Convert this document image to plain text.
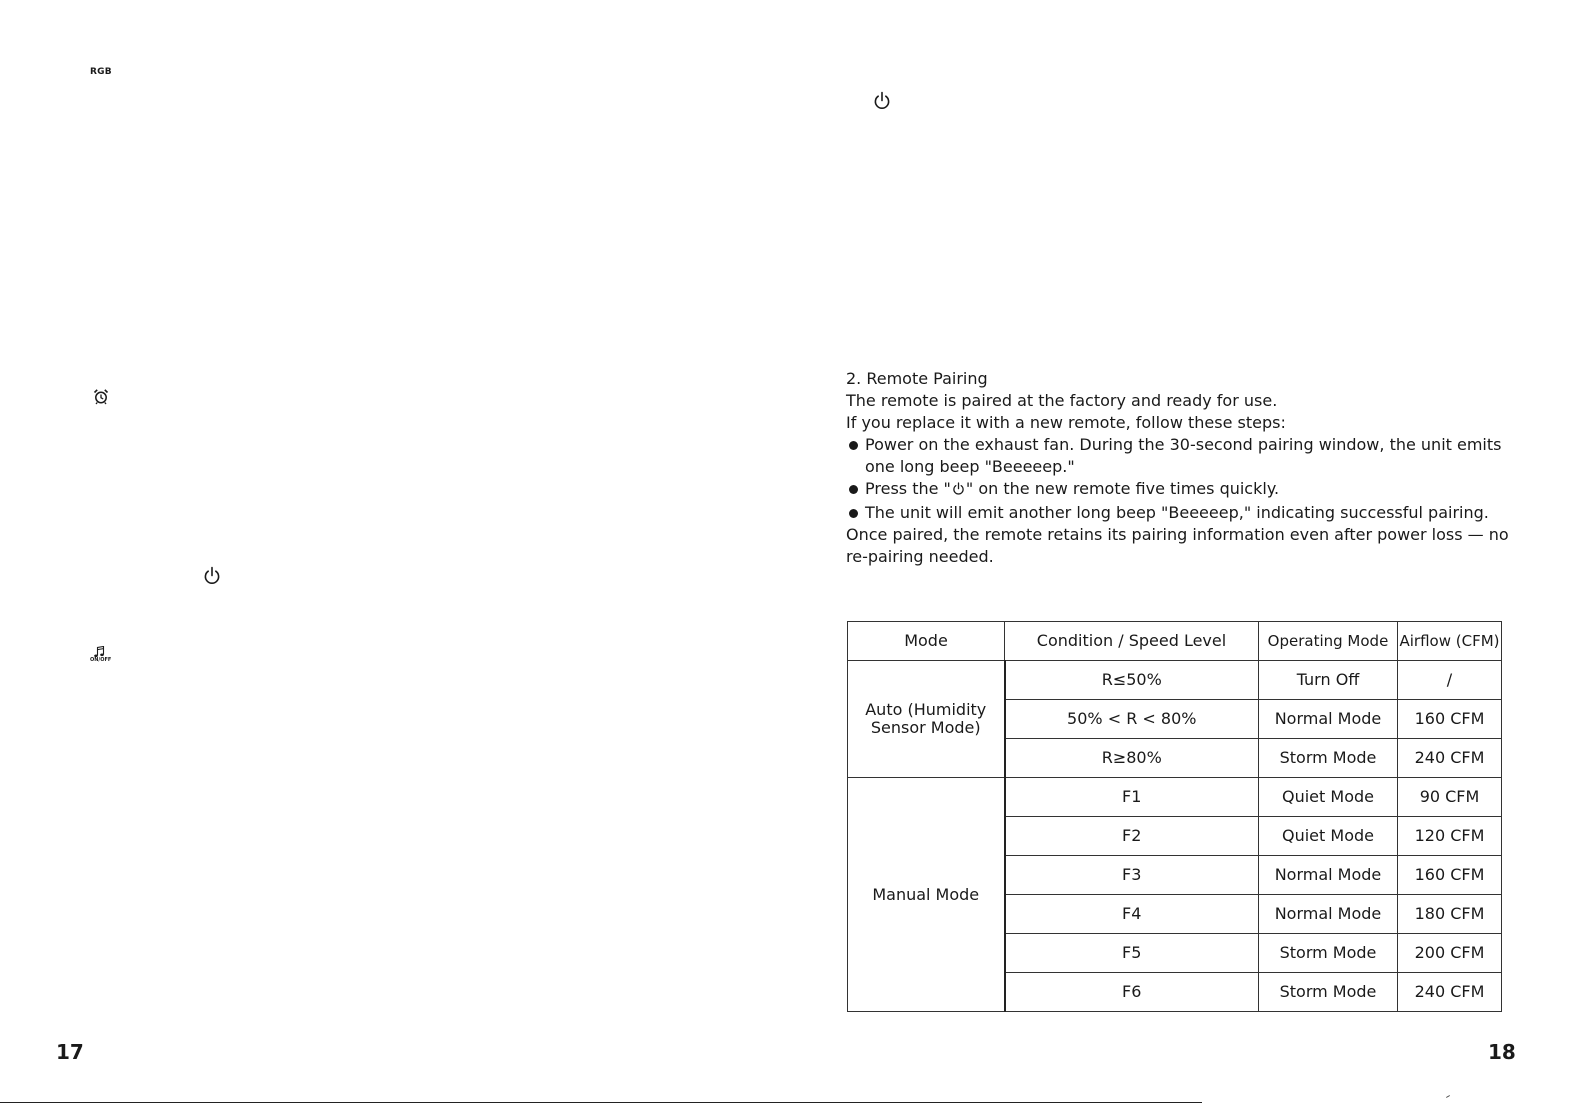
RGB
ON/OFF
17

2. Remote Pairing

The remote is paired at the factory and ready for use.

If you replace it with a new remote, follow these steps:

Power on the exhaust fan. During the 30-second pairing window, the unit emits one long beep "Beeeeep."
Press the " " on the new remote five times quickly.
The unit will emit another long beep "Beeeeep," indicating successful pairing.

Once paired, the remote retains its pairing information even after power loss — no re-pairing needed.

Mode	Condition / Speed Level	Operating Mode	Airflow (CFM)
Auto (Humidity Sensor Mode)	R≤50%	Turn Off	/
	50% < R < 80%	Normal Mode	160 CFM
	R≥80%	Storm Mode	240 CFM
Manual Mode	F1	Quiet Mode	90 CFM
	F2	Quiet Mode	120 CFM
	F3	Normal Mode	160 CFM
	F4	Normal Mode	180 CFM
	F5	Storm Mode	200 CFM
	F6	Storm Mode	240 CFM
18
